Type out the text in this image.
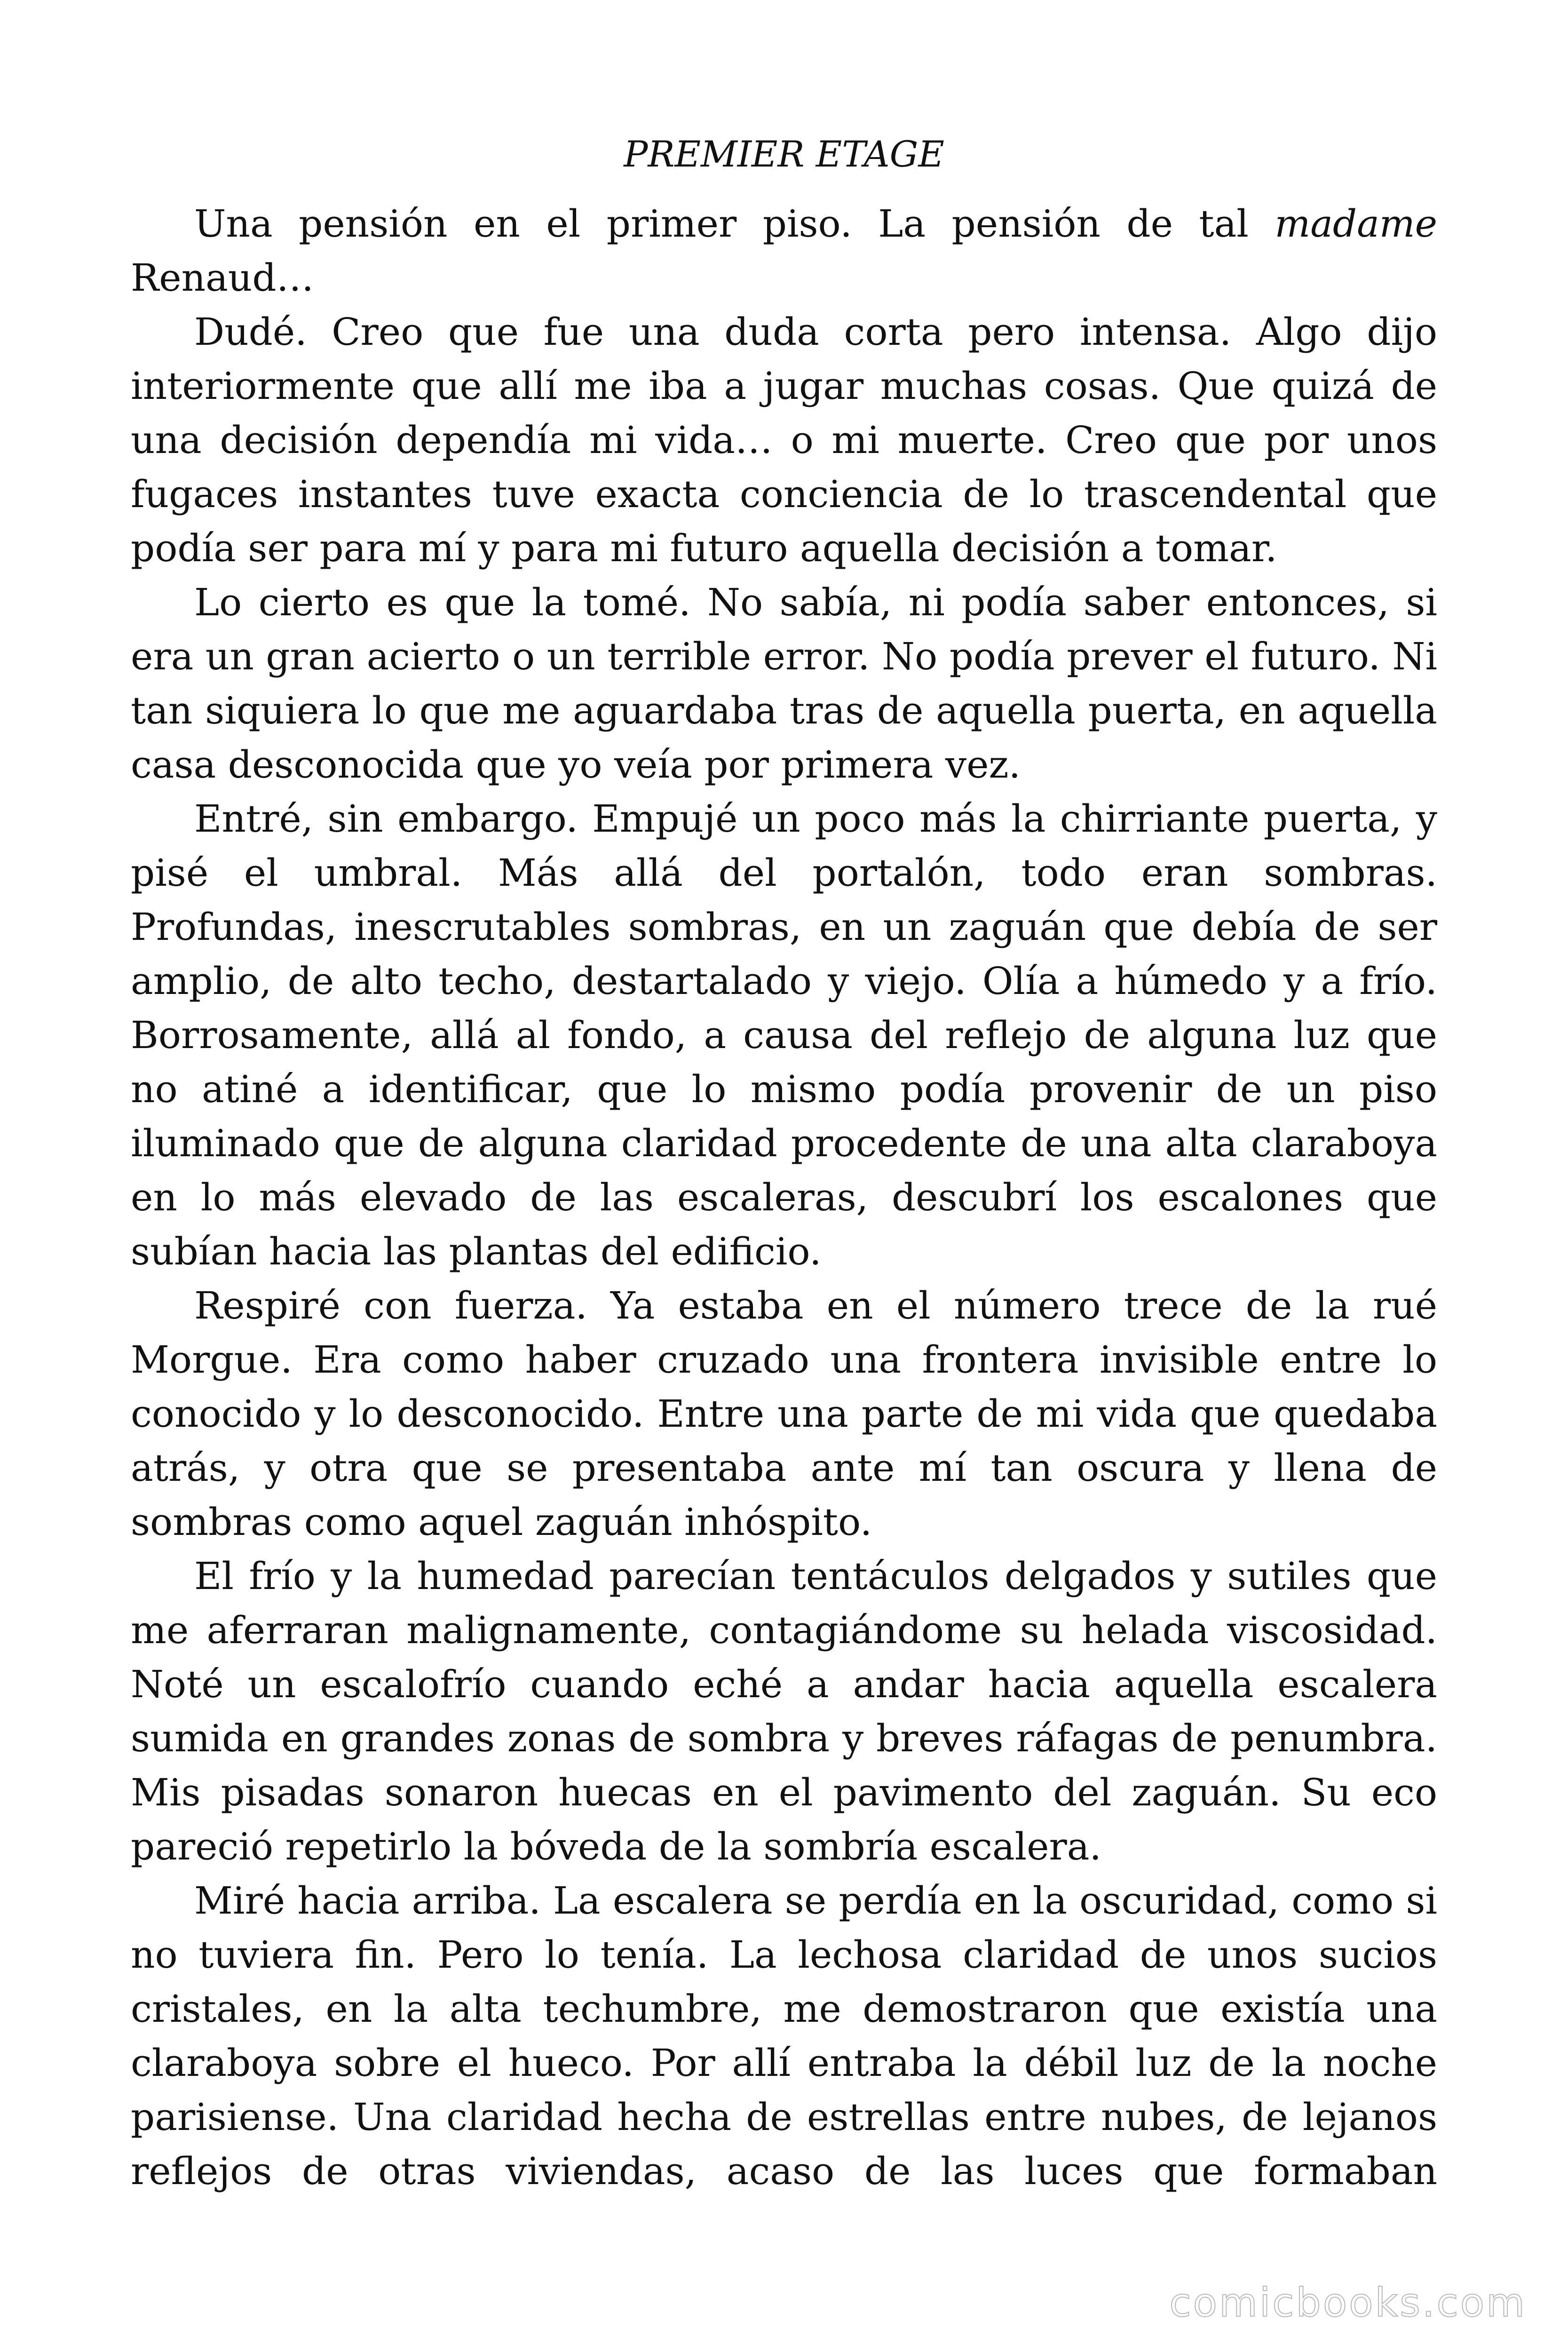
PREMIER ETAGE

Una pensión en el primer piso. La pensión de tal madame Renaud…

Dudé. Creo que fue una duda corta pero intensa. Algo dijo interiormente que allí me iba a jugar muchas cosas. Que quizá de una decisión dependía mi vida… o mi muerte. Creo que por unos fugaces instantes tuve exacta conciencia de lo trascendental que podía ser para mí y para mi futuro aquella decisión a tomar.

Lo cierto es que la tomé. No sabía, ni podía saber entonces, si era un gran acierto o un terrible error. No podía prever el futuro. Ni tan siquiera lo que me aguardaba tras de aquella puerta, en aquella casa desconocida que yo veía por primera vez.

Entré, sin embargo. Empujé un poco más la chirriante puerta, y pisé el umbral. Más allá del portalón, todo eran sombras. Profundas, inescrutables sombras, en un zaguán que debía de ser amplio, de alto techo, destartalado y viejo. Olía a húmedo y a frío. Borrosamente, allá al fondo, a causa del reflejo de alguna luz que no atiné a identificar, que lo mismo podía provenir de un piso iluminado que de alguna claridad procedente de una alta claraboya en lo más elevado de las escaleras, descubrí los escalones que subían hacia las plantas del edificio.

Respiré con fuerza. Ya estaba en el número trece de la rué Morgue. Era como haber cruzado una frontera invisible entre lo conocido y lo desconocido. Entre una parte de mi vida que quedaba atrás, y otra que se presentaba ante mí tan oscura y llena de sombras como aquel zaguán inhóspito.

El frío y la humedad parecían tentáculos delgados y sutiles que me aferraran malignamente, contagiándome su helada viscosidad. Noté un escalofrío cuando eché a andar hacia aquella escalera sumida en grandes zonas de sombra y breves ráfagas de penumbra. Mis pisadas sonaron huecas en el pavimento del zaguán. Su eco pareció repetirlo la bóveda de la sombría escalera.

Miré hacia arriba. La escalera se perdía en la oscuridad, como si no tuviera fin. Pero lo tenía. La lechosa claridad de unos sucios cristales, en la alta techumbre, me demostraron que existía una claraboya sobre el hueco. Por allí entraba la débil luz de la noche parisiense. Una claridad hecha de estrellas entre nubes, de lejanos reflejos de otras viviendas, acaso de las luces que formaban

comicbooks.com
